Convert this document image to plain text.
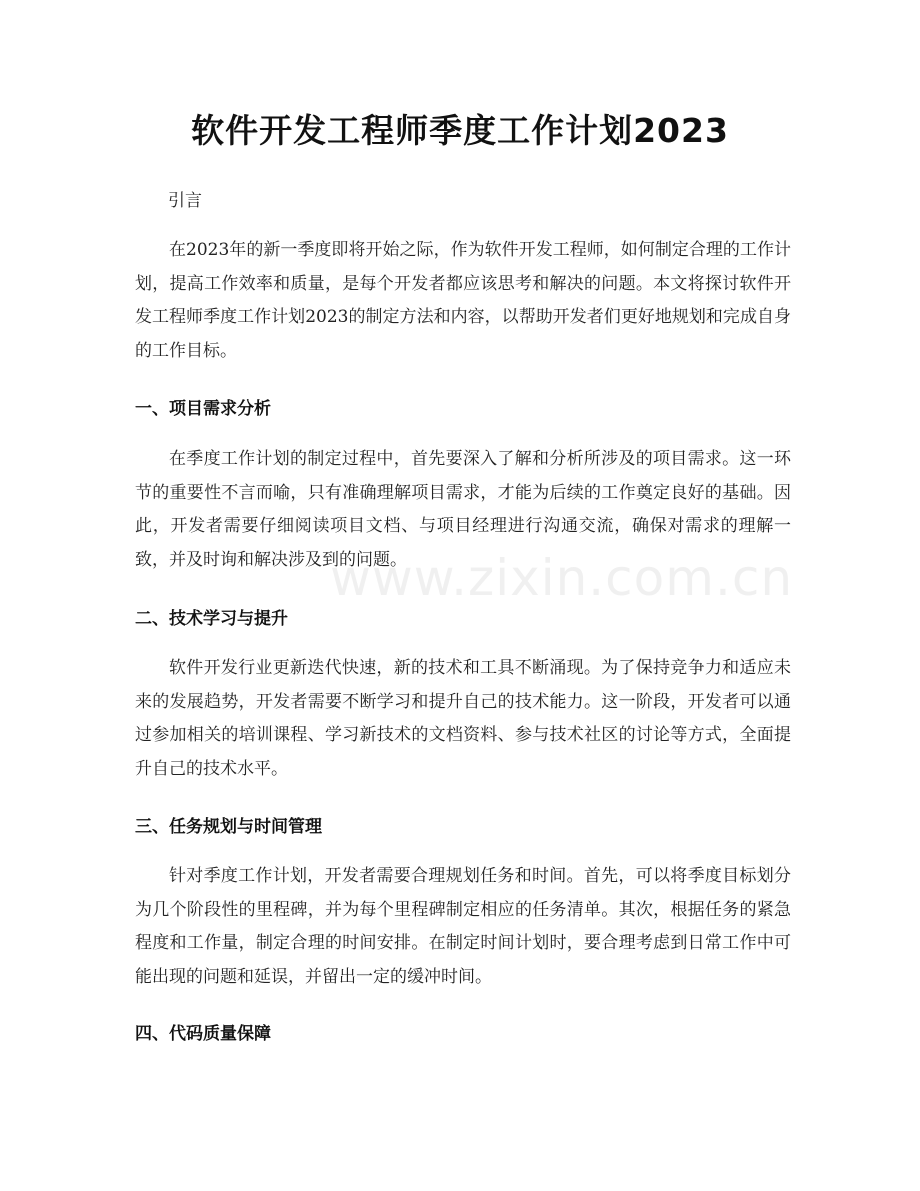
软件开发工程师季度工作计划2023

引言

在2023年的新一季度即将开始之际，作为软件开发工程师，如何制定合理的工作计划，提高工作效率和质量，是每个开发者都应该思考和解决的问题。本文将探讨软件开发工程师季度工作计划2023的制定方法和内容，以帮助开发者们更好地规划和完成自身的工作目标。

一、项目需求分析

在季度工作计划的制定过程中，首先要深入了解和分析所涉及的项目需求。这一环节的重要性不言而喻，只有准确理解项目需求，才能为后续的工作奠定良好的基础。因此，开发者需要仔细阅读项目文档、与项目经理进行沟通交流，确保对需求的理解一致，并及时询和解决涉及到的问题。

二、技术学习与提升

软件开发行业更新迭代快速，新的技术和工具不断涌现。为了保持竞争力和适应未来的发展趋势，开发者需要不断学习和提升自己的技术能力。这一阶段，开发者可以通过参加相关的培训课程、学习新技术的文档资料、参与技术社区的讨论等方式，全面提升自己的技术水平。

三、任务规划与时间管理

针对季度工作计划，开发者需要合理规划任务和时间。首先，可以将季度目标划分为几个阶段性的里程碑，并为每个里程碑制定相应的任务清单。其次，根据任务的紧急程度和工作量，制定合理的时间安排。在制定时间计划时，要合理考虑到日常工作中可能出现的问题和延误，并留出一定的缓冲时间。

四、代码质量保障
www.zixin.com.cn
